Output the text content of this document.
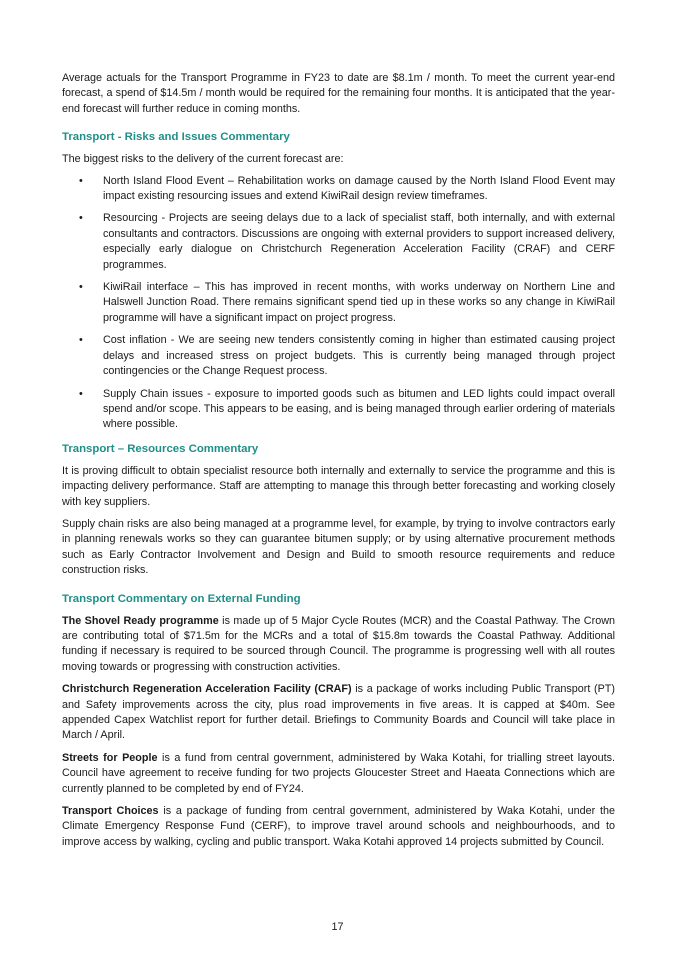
Average actuals for the Transport Programme in FY23 to date are $8.1m / month. To meet the current year-end forecast, a spend of $14.5m / month would be required for the remaining four months. It is anticipated that the year-end forecast will further reduce in coming months.

Transport - Risks and Issues Commentary

The biggest risks to the delivery of the current forecast are:

• North Island Flood Event – Rehabilitation works on damage caused by the North Island Flood Event may impact existing resourcing issues and extend KiwiRail design review timeframes.

• Resourcing - Projects are seeing delays due to a lack of specialist staff, both internally, and with external consultants and contractors. Discussions are ongoing with external providers to support increased delivery, especially early dialogue on Christchurch Regeneration Acceleration Facility (CRAF) and CERF programmes.

• KiwiRail interface – This has improved in recent months, with works underway on Northern Line and Halswell Junction Road. There remains significant spend tied up in these works so any change in KiwiRail programme will have a significant impact on project progress.

• Cost inflation - We are seeing new tenders consistently coming in higher than estimated causing project delays and increased stress on project budgets. This is currently being managed through project contingencies or the Change Request process.

• Supply Chain issues - exposure to imported goods such as bitumen and LED lights could impact overall spend and/or scope. This appears to be easing, and is being managed through earlier ordering of materials where possible.

Transport – Resources Commentary

It is proving difficult to obtain specialist resource both internally and externally to service the programme and this is impacting delivery performance. Staff are attempting to manage this through better forecasting and working closely with key suppliers.

Supply chain risks are also being managed at a programme level, for example, by trying to involve contractors early in planning renewals works so they can guarantee bitumen supply; or by using alternative procurement methods such as Early Contractor Involvement and Design and Build to smooth resource requirements and reduce construction risks.

Transport Commentary on External Funding

The Shovel Ready programme is made up of 5 Major Cycle Routes (MCR) and the Coastal Pathway. The Crown are contributing total of $71.5m for the MCRs and a total of $15.8m towards the Coastal Pathway. Additional funding if necessary is required to be sourced through Council. The programme is progressing well with all routes moving towards or progressing with construction activities.

Christchurch Regeneration Acceleration Facility (CRAF) is a package of works including Public Transport (PT) and Safety improvements across the city, plus road improvements in five areas. It is capped at $40m. See appended Capex Watchlist report for further detail. Briefings to Community Boards and Council will take place in March / April.

Streets for People is a fund from central government, administered by Waka Kotahi, for trialling street layouts. Council have agreement to receive funding for two projects Gloucester Street and Haeata Connections which are currently planned to be completed by end of FY24.

Transport Choices is a package of funding from central government, administered by Waka Kotahi, under the Climate Emergency Response Fund (CERF), to improve travel around schools and neighbourhoods, and to improve access by walking, cycling and public transport. Waka Kotahi approved 14 projects submitted by Council.

17
